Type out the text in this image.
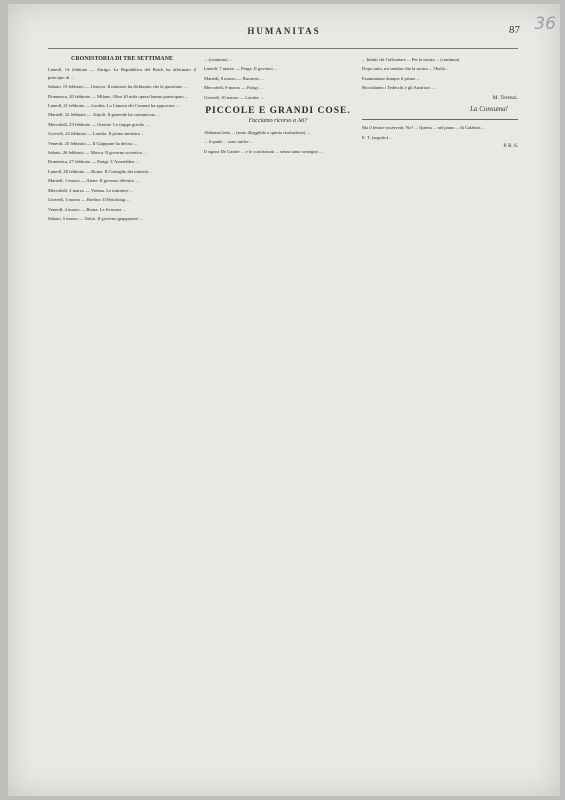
HUMANITAS	87 36
CRONISTORIA DI TRE SETTIMANE

Lunedì, 14 febbraio — Zurigo. La Repubblica del Reich ha affermato il principio di ...

Sabato, 19 febbraio — Genova. Il ministro ha dichiarato che la questione ...

Domenica, 20 febbraio — Milano. Oltre 20 mila operai hanno partecipato ...

Lunedì, 21 febbraio — Londra. La Camera dei Comuni ha approvato ...

Martedì, 22 febbraio — Tripoli. Il generale ha comunicato ...

Mercoledì, 23 febbraio — Oriente. Le truppe greche ...

Giovedì, 24 febbraio — Londra. Il primo ministro ...

Venerdì, 25 febbraio — Il Giappone ha deciso ...

Sabato, 26 febbraio — Mosca. Il governo sovietico ...

Domenica, 27 febbraio — Parigi. L'Assemblea ...

Lunedì, 28 febbraio — Roma. Il Consiglio dei ministri ...

Martedì, 1 marzo — Atene. Il governo ellenico ...

Mercoledì, 2 marzo — Vienna. Le trattative ...

Giovedì, 3 marzo — Berlino. Il Reichstag ...

Venerdì, 4 marzo — Berna. La Svizzera ...

Sabato, 5 marzo — Tokio. Il governo giapponese ...

... (continua) ...

Lunedì, 7 marzo — Praga. Il governo ...

Martedì, 8 marzo — Bucarest. ...

Mercoledì, 9 marzo — Parigi. ...

Giovedì, 10 marzo — Londra. ...

PICCOLE E GRANDI COSE.
Facciamo ricorso a Ati?

Abbiamo letto ... (testo illeggibile a questa risoluzione) ...

... il quale ... sono anche ...

Il signor De Cartier ... e le conclusioni ... senza tanto sostegno ...

... Infatti chi l'affrontare ... Per la nostra ... (continua)

Dopo tutto, mi sembra che la nostra ... l'Italia ...

Esaminiamo dunque il primo ...

Ricordiamo i Tedeschi e gli Austriaci ...

M. Terenzi.
La Consuma!

Ma il lettore osserverà: No? ... Questa ... nel piano ... di Calabria ...

E. T. (seguito) ...

P. B. S.
